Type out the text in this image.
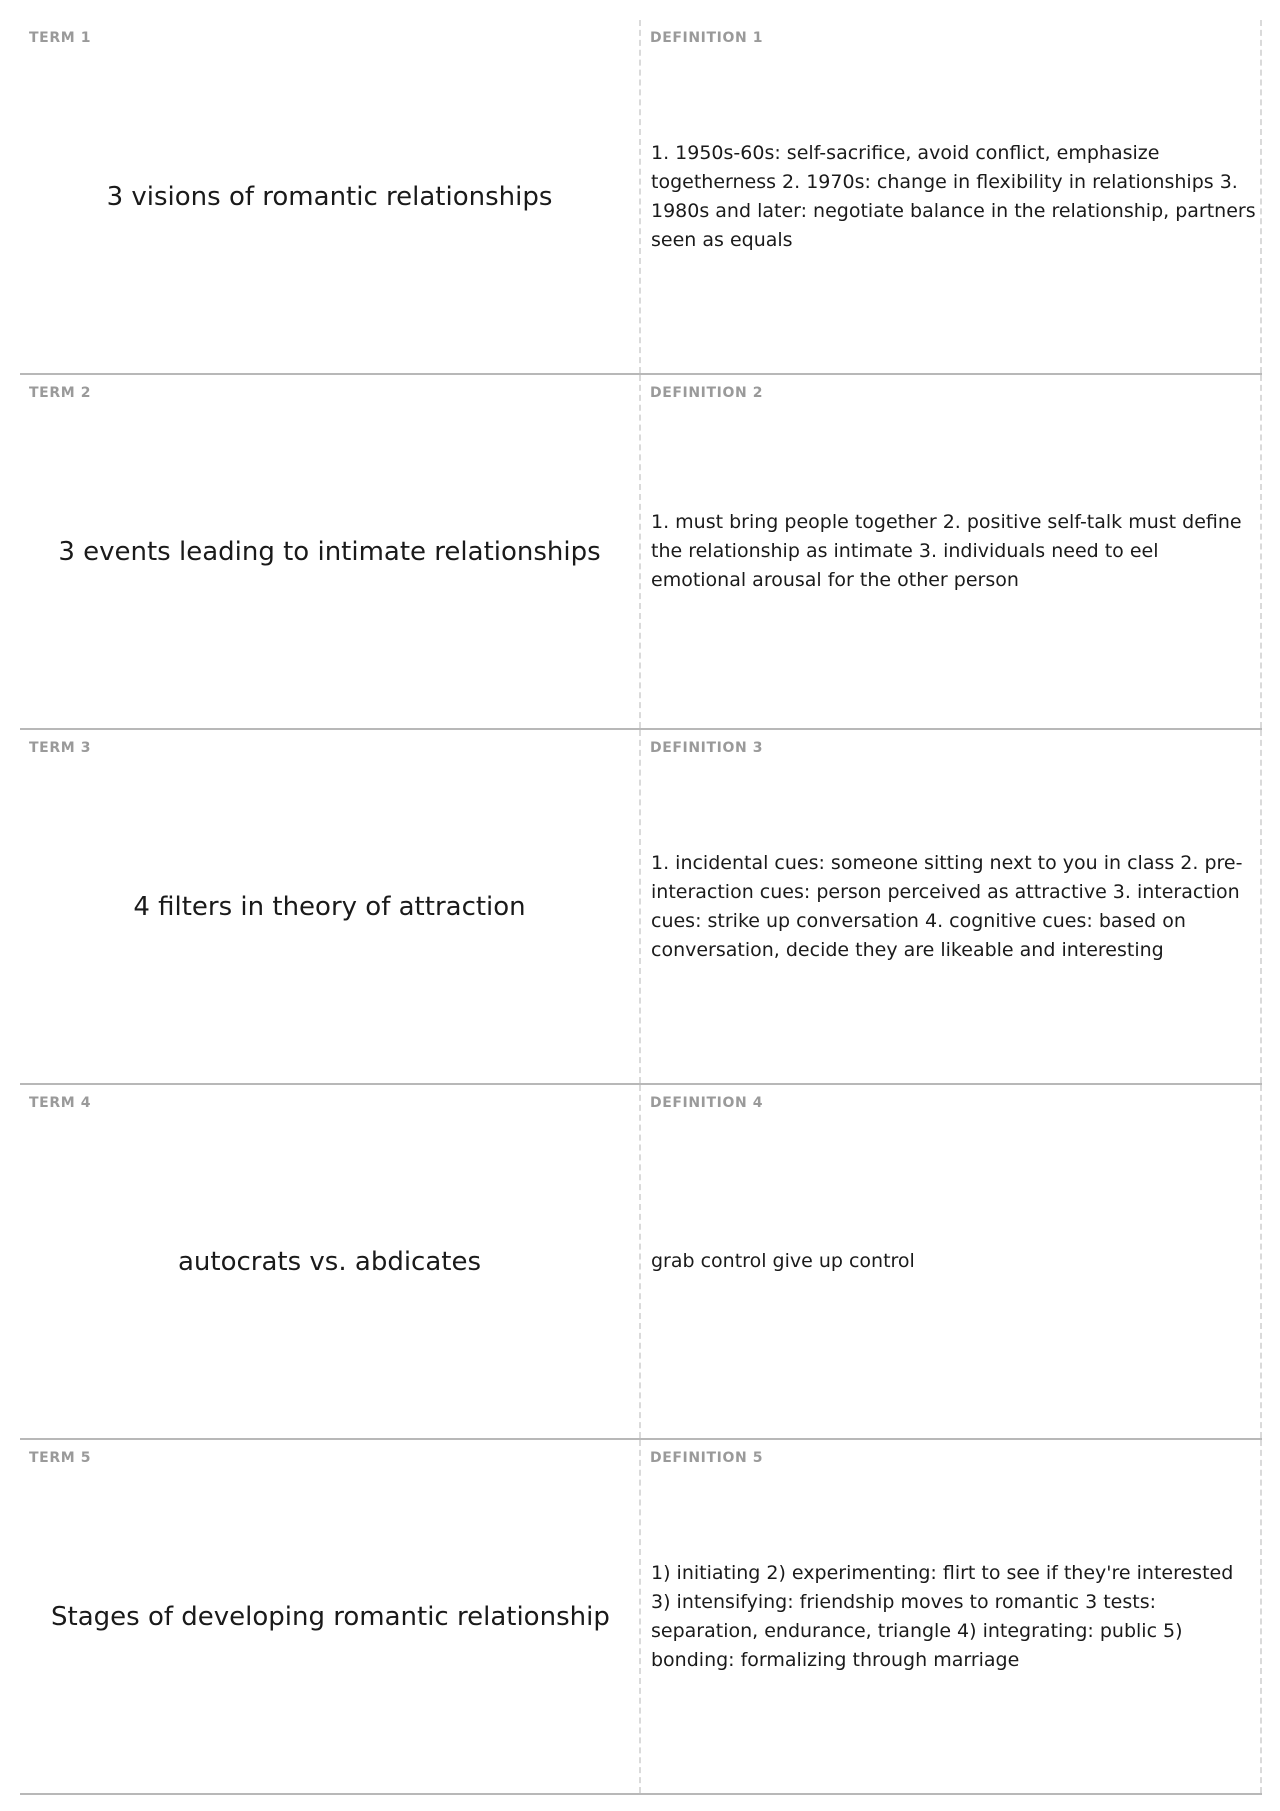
TERM 1
3 visions of romantic relationships
DEFINITION 1
1. 1950s-60s: self-sacrifice, avoid conflict, emphasize togetherness 2. 1970s: change in flexibility in relationships 3. 1980s and later: negotiate balance in the relationship, partners seen as equals
TERM 2
3 events leading to intimate relationships
DEFINITION 2
1. must bring people together 2. positive self-talk must define the relationship as intimate 3. individuals need to eel emotional arousal for the other person
TERM 3
4 filters in theory of attraction
DEFINITION 3
1. incidental cues: someone sitting next to you in class 2. pre-interaction cues: person perceived as attractive 3. interaction cues: strike up conversation 4. cognitive cues: based on conversation, decide they are likeable and interesting
TERM 4
autocrats vs. abdicates
DEFINITION 4
grab control give up control
TERM 5
Stages of developing romantic relationship
DEFINITION 5
1) initiating 2) experimenting: flirt to see if they're interested 3) intensifying: friendship moves to romantic 3 tests: separation, endurance, triangle 4) integrating: public 5) bonding: formalizing through marriage
